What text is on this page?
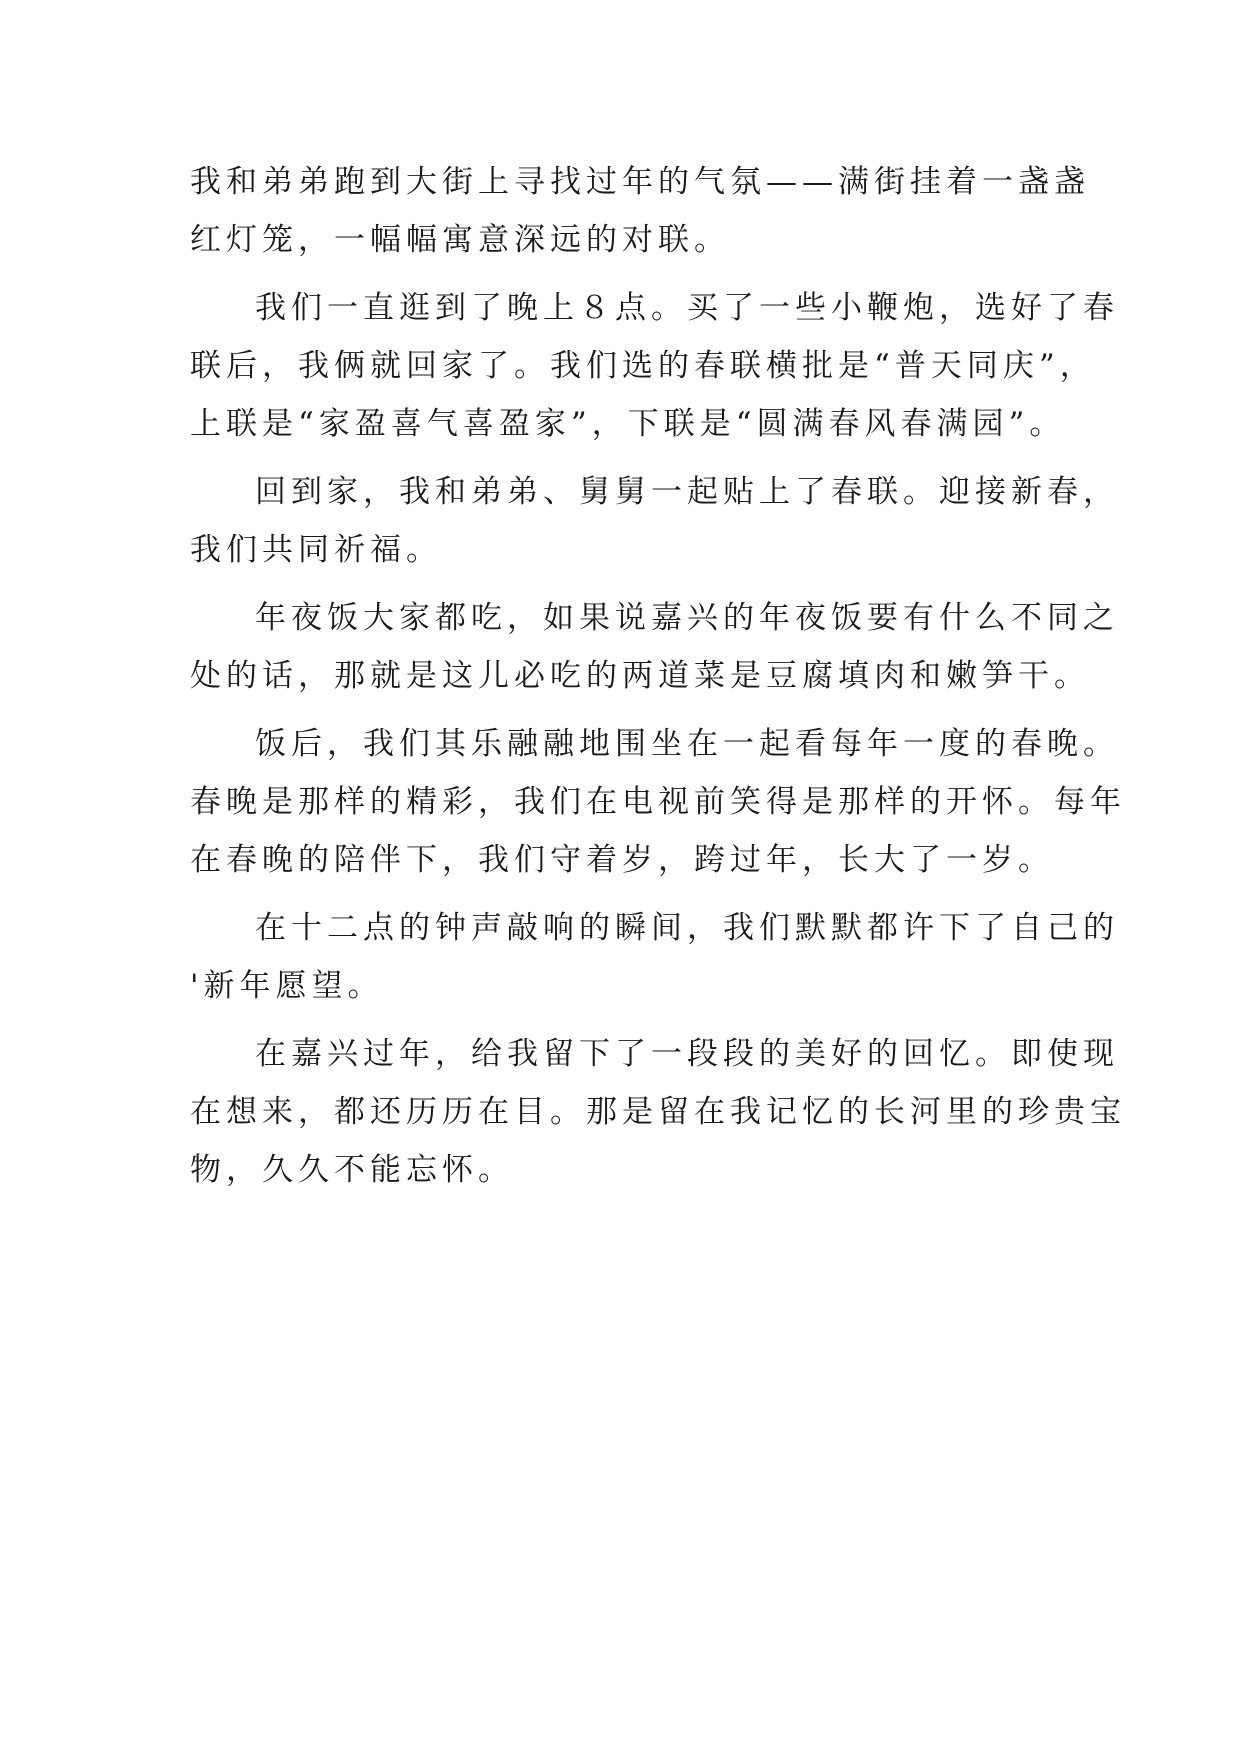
我和弟弟跑到大街上寻找过年的气氛——满街挂着一盏盏
红灯笼，一幅幅寓意深远的对联。
我们一直逛到了晚上８点。买了一些小鞭炮，选好了春
联后，我俩就回家了。我们选的春联横批是“普天同庆”，
上联是“家盈喜气喜盈家”，下联是“圆满春风春满园”。
回到家，我和弟弟、舅舅一起贴上了春联。迎接新春，
我们共同祈福。
年夜饭大家都吃，如果说嘉兴的年夜饭要有什么不同之
处的话，那就是这儿必吃的两道菜是豆腐填肉和嫩笋干。
饭后，我们其乐融融地围坐在一起看每年一度的春晚。
春晚是那样的精彩，我们在电视前笑得是那样的开怀。每年
在春晚的陪伴下，我们守着岁，跨过年，长大了一岁。
在十二点的钟声敲响的瞬间，我们默默都许下了自己的
'新年愿望。
在嘉兴过年，给我留下了一段段的美好的回忆。即使现
在想来，都还历历在目。那是留在我记忆的长河里的珍贵宝
物，久久不能忘怀。
